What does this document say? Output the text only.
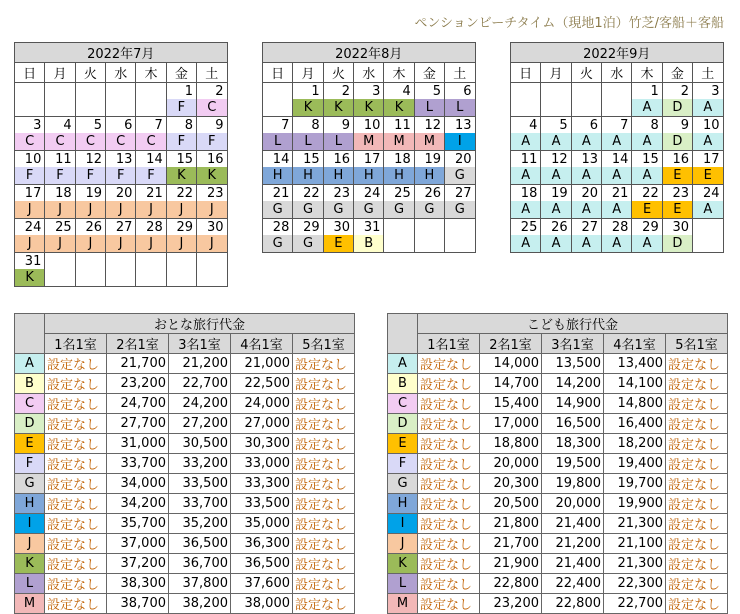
ペンションビーチタイム（現地1泊）竹芝/客船＋客船
2022年7月						
日	月	火	水	木	金	土
					1	2
					F	C
3	4	5	6	7	8	9
C	C	C	C	C	F	F
10	11	12	13	14	15	16
F	F	F	F	F	K	K
17	18	19	20	21	22	23
J	J	J	J	J	J	J
24	25	26	27	28	29	30
J	J	J	J	J	J	J
31						
K						
2022年8月						
日	月	火	水	木	金	土
	1	2	3	4	5	6
	K	K	K	K	L	L
7	8	9	10	11	12	13
L	L	L	M	M	M	I
14	15	16	17	18	19	20
H	H	H	H	H	H	G
21	22	23	24	25	26	27
G	G	G	G	G	G	G
28	29	30	31			
G	G	E	B			
2022年9月						
日	月	火	水	木	金	土
				1	2	3
				A	D	A
4	5	6	7	8	9	10
A	A	A	A	A	D	A
11	12	13	14	15	16	17
A	A	A	A	A	E	E
18	19	20	21	22	23	24
A	A	A	A	E	E	A
25	26	27	28	29	30	
A	A	A	A	A	D	
	おとな旅行代金				
	1名1室	2名1室	3名1室	4名1室	5名1室
A	設定なし	21,700	21,200	21,000	設定なし
B	設定なし	23,200	22,700	22,500	設定なし
C	設定なし	24,700	24,200	24,000	設定なし
D	設定なし	27,700	27,200	27,000	設定なし
E	設定なし	31,000	30,500	30,300	設定なし
F	設定なし	33,700	33,200	33,000	設定なし
G	設定なし	34,000	33,500	33,300	設定なし
H	設定なし	34,200	33,700	33,500	設定なし
I	設定なし	35,700	35,200	35,000	設定なし
J	設定なし	37,000	36,500	36,300	設定なし
K	設定なし	37,200	36,700	36,500	設定なし
L	設定なし	38,300	37,800	37,600	設定なし
M	設定なし	38,700	38,200	38,000	設定なし
	こども旅行代金				
	1名1室	2名1室	3名1室	4名1室	5名1室
A	設定なし	14,000	13,500	13,400	設定なし
B	設定なし	14,700	14,200	14,100	設定なし
C	設定なし	15,400	14,900	14,800	設定なし
D	設定なし	17,000	16,500	16,400	設定なし
E	設定なし	18,800	18,300	18,200	設定なし
F	設定なし	20,000	19,500	19,400	設定なし
G	設定なし	20,300	19,800	19,700	設定なし
H	設定なし	20,500	20,000	19,900	設定なし
I	設定なし	21,800	21,400	21,300	設定なし
J	設定なし	21,700	21,200	21,100	設定なし
K	設定なし	21,900	21,400	21,300	設定なし
L	設定なし	22,800	22,400	22,300	設定なし
M	設定なし	23,200	22,800	22,700	設定なし
